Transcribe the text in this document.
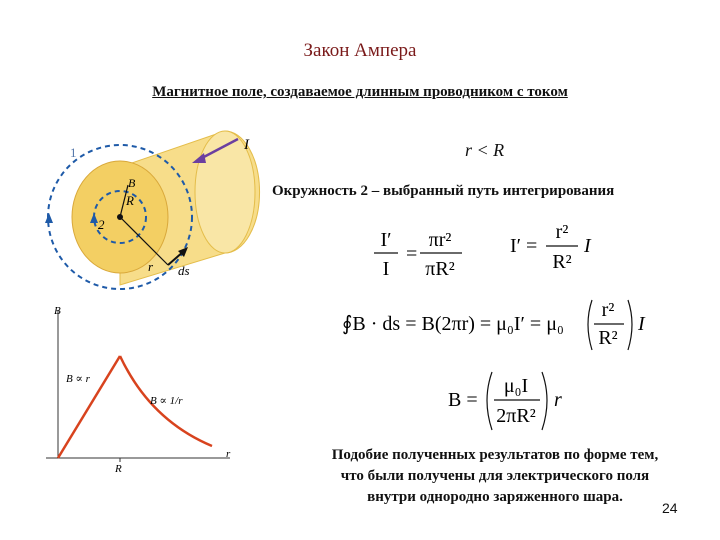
Закон Ампера
Магнитное поле, создаваемое длинным проводником с током
r < R
Окружность 2 – выбранный путь интегрирования
1
2
I
R
r ds
B
B
r
R
B ∝ r
B ∝ 1/r
I′
I
=
πr²
πR²
I′ =
r²
R²
I
∮B · ds = B(2πr) = μ₀I′ = μ₀
r²
R²
I
B =
μ₀I
2πR²
r
Подобие полученных результатов по форме тем,
что были получены для электрического поля
внутри однородно заряженного шара.
24
